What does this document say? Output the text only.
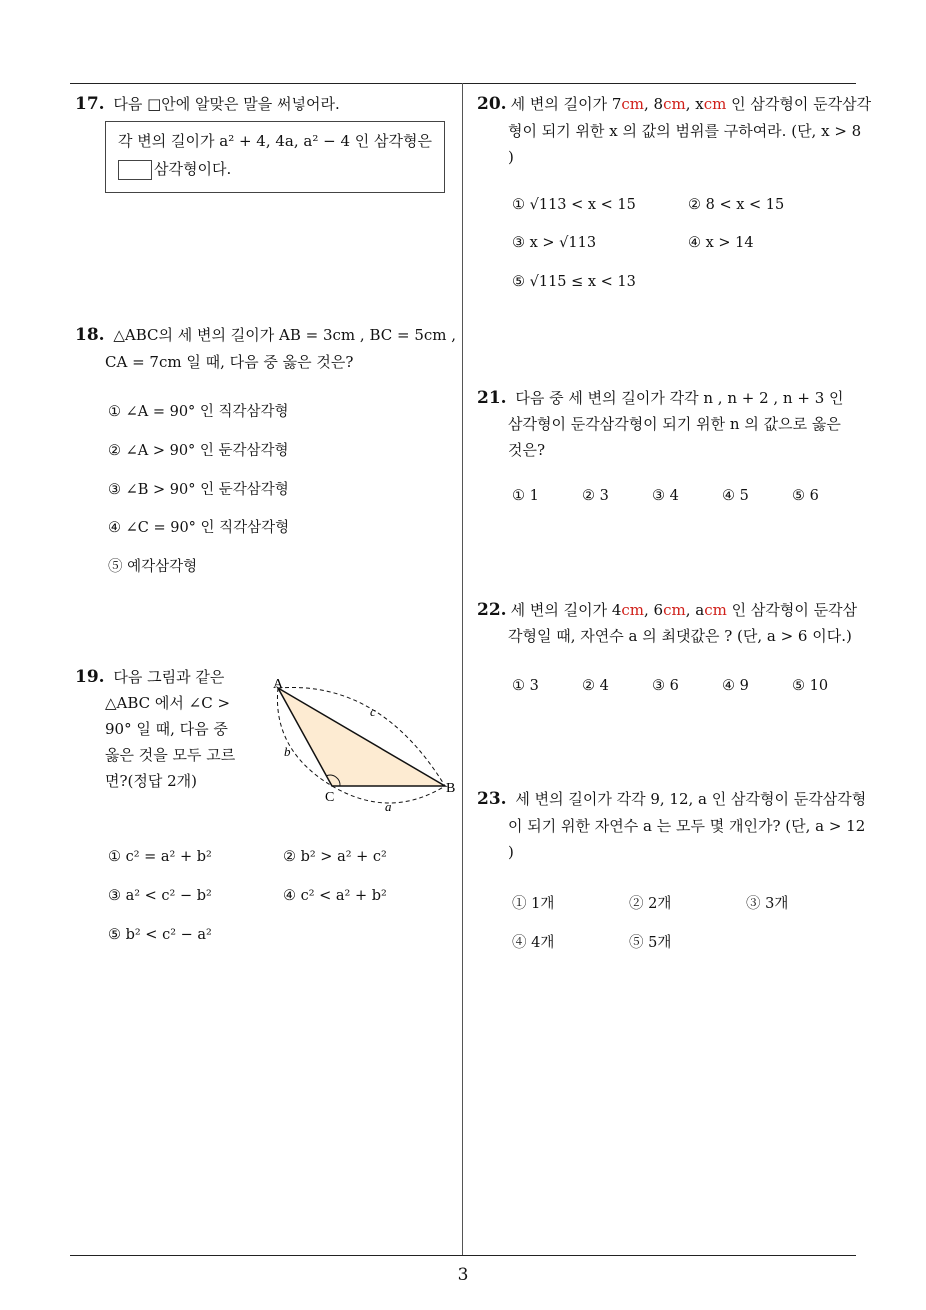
3
17. 다음 □안에 알맞은 말을 써넣어라.
각 변의 길이가 a² + 4, 4a, a² − 4 인 삼각형은
삼각형이다.
18. △ABC의 세 변의 길이가 AB = 3cm , BC = 5cm ,
CA = 7cm 일 때, 다음 중 옳은 것은?
① ∠A = 90° 인 직각삼각형
② ∠A > 90° 인 둔각삼각형
③ ∠B > 90° 인 둔각삼각형
④ ∠C = 90° 인 직각삼각형
⑤ 예각삼각형
19. 다음 그림과 같은
△ABC 에서 ∠C >
90° 일 때, 다음 중
옳은 것을 모두 고르
면?(정답 2개)
A
B
C
a
b
c
① c² = a² + b²	② b² > a² + c²
③ a² < c² − b²	④ c² < a² + b²
⑤ b² < c² − a²
20. 세 변의 길이가 7cm, 8cm, xcm 인 삼각형이 둔각삼각
형이 되기 위한 x 의 값의 범위를 구하여라. (단, x > 8
)
① √113 < x < 15	② 8 < x < 15
③ x > √113	④ x > 14
⑤ √115 ≤ x < 13
21. 다음 중 세 변의 길이가 각각 n , n + 2 , n + 3 인
삼각형이 둔각삼각형이 되기 위한 n 의 값으로 옳은
것은?
① 1	② 3	③ 4	④ 5	⑤ 6
22. 세 변의 길이가 4cm, 6cm, acm 인 삼각형이 둔각삼
각형일 때, 자연수 a 의 최댓값은 ? (단, a > 6 이다.)
① 3	② 4	③ 6	④ 9	⑤ 10
23. 세 변의 길이가 각각 9, 12, a 인 삼각형이 둔각삼각형
이 되기 위한 자연수 a 는 모두 몇 개인가? (단, a > 12
)
① 1개	② 2개	③ 3개
④ 4개	⑤ 5개
